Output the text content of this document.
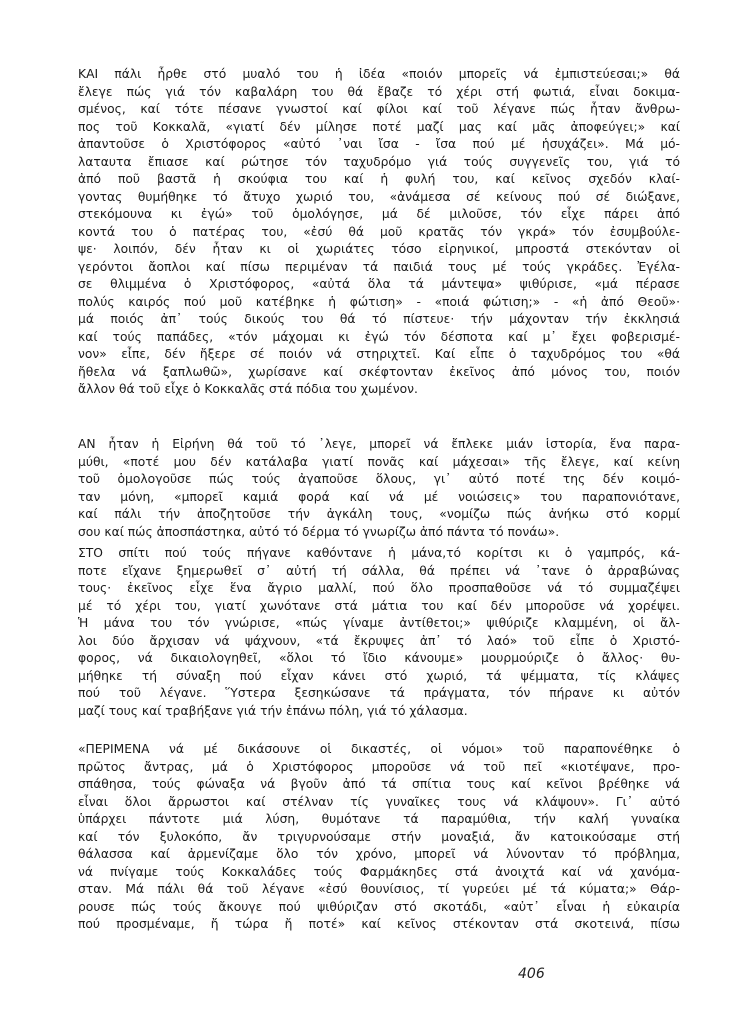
ΚΑΙ πάλι ἦρθε στό μυαλό του ἡ ἰδέα «ποιόν μπορεῖς νά ἐμπιστεύεσαι;» θά
ἔλεγε πώς γιά τόν καβαλάρη του θά ἔβαζε τό χέρι στή φωτιά, εἶναι δοκιμα-
σμένος, καί τότε πέσανε γνωστοί καί φίλοι καί τοῦ λέγανε πώς ἦταν ἄνθρω-
πος τοῦ Κοκκαλᾶ, «γιατί δέν μίλησε ποτέ μαζί μας καί μᾶς ἀποφεύγει;» καί
ἀπαντοῦσε ὁ Χριστόφορος «αὐτό ᾽ναι ἴσα - ἴσα πού μέ ἡσυχάζει». Μά μό-
λαταυτα ἔπιασε καί ρώτησε τόν ταχυδρόμο γιά τούς συγγενεῖς του, γιά τό
ἀπό ποῦ βαστᾶ ἡ σκούφια του καί ἡ φυλή του, καί κεῖνος σχεδόν κλαί-
γοντας θυμήθηκε τό ἄτυχο χωριό του, «ἀνάμεσα σέ κείνους πού σέ διώξανε,
στεκόμουνα κι ἐγώ» τοῦ ὁμολόγησε, μά δέ μιλοῦσε, τόν εἶχε πάρει ἀπό
κοντά του ὁ πατέρας του, «ἐσύ θά μοῦ κρατᾶς τόν γκρά» τόν ἐσυμβούλε-
ψε· λοιπόν, δέν ἦταν κι οἱ χωριάτες τόσο εἰρηνικοί, μπροστά στεκόνταν οἱ
γερόντοι ἄοπλοι καί πίσω περιμέναν τά παιδιά τους μέ τούς γκράδες. Ἐγέλα-
σε θλιμμένα ὁ Χριστόφορος, «αὐτά ὅλα τά μάντεψα» ψιθύρισε, «μά πέρασε
πολύς καιρός πού μοῦ κατέβηκε ἡ φώτιση» - «ποιά φώτιση;» - «ἡ ἀπό Θεοῦ»·
μά ποιός ἀπ᾽ τούς δικούς του θά τό πίστευε· τήν μάχονταν τήν ἐκκλησιά
καί τούς παπάδες, «τόν μάχομαι κι ἐγώ τόν δέσποτα καί μ᾽ ἔχει φοβερισμέ-
νον» εἶπε, δέν ἤξερε σέ ποιόν νά στηριχτεῖ. Καί εἶπε ὁ ταχυδρόμος του «θά
ἤθελα νά ξαπλωθῶ», χωρίσανε καί σκέφτονταν ἐκεῖνος ἀπό μόνος του, ποιόν
ἄλλον θά τοῦ εἶχε ὁ Κοκκαλᾶς στά πόδια του χωμένον.
ΑΝ ἦταν ἡ Εἰρήνη θά τοῦ τό ᾽λεγε, μπορεῖ νά ἔπλεκε μιάν ἱστορία, ἕνα παρα-
μύθι, «ποτέ μου δέν κατάλαβα γιατί πονᾶς καί μάχεσαι» τῆς ἔλεγε, καί κείνη
τοῦ ὁμολογοῦσε πώς τούς ἀγαποῦσε ὅλους, γι᾽ αὐτό ποτέ της δέν κοιμό-
ταν μόνη, «μπορεῖ καμιά φορά καί νά μέ νοιώσεις» του παραπονιότανε,
καί πάλι τήν ἀποζητοῦσε τήν ἀγκάλη τους, «νομίζω πώς ἀνήκω στό κορμί
σου καί πώς ἀποσπάστηκα, αὐτό τό δέρμα τό γνωρίζω ἀπό πάντα τό πονάω».
ΣΤΟ σπίτι πού τούς πήγανε καθόντανε ἡ μάνα,τό κορίτσι κι ὁ γαμπρός, κά-
ποτε εἴχανε ξημερωθεῖ σ᾽ αὐτή τή σάλλα, θά πρέπει νά ᾽τανε ὁ ἀρραβώνας
τους· ἐκεῖνος εἶχε ἕνα ἄγριο μαλλί, πού ὅλο προσπαθοῦσε νά τό συμμαζέψει
μέ τό χέρι του, γιατί χωνότανε στά μάτια του καί δέν μποροῦσε νά χορέψει.
Ἡ μάνα του τόν γνώρισε, «πώς γίναμε ἀντίθετοι;» ψιθύριζε κλαμμένη, οἱ ἄλ-
λοι δύο ἄρχισαν νά ψάχνουν, «τά ἔκρυψες ἀπ᾽ τό λαό» τοῦ εἶπε ὁ Χριστό-
φορος, νά δικαιολογηθεῖ, «ὅλοι τό ἴδιο κάνουμε» μουρμούριζε ὁ ἄλλος· θυ-
μήθηκε τή σύναξη πού εἶχαν κάνει στό χωριό, τά ψέμματα, τίς κλάψες
πού τοῦ λέγανε. Ὕστερα ξεσηκώσανε τά πράγματα, τόν πήρανε κι αὐτόν
μαζί τους καί τραβήξανε γιά τήν ἐπάνω πόλη, γιά τό χάλασμα.
«ΠΕΡΙΜΕΝΑ νά μέ δικάσουνε οἱ δικαστές, οἱ νόμοι» τοῦ παραπονέθηκε ὁ
πρῶτος ἄντρας, μά ὁ Χριστόφορος μποροῦσε νά τοῦ πεῖ «κιοτέψανε, προ-
σπάθησα, τούς φώναξα νά βγοῦν ἀπό τά σπίτια τους καί κεῖνοι βρέθηκε νά
εἶναι ὅλοι ἄρρωστοι καί στέλναν τίς γυναῖκες τους νά κλάψουν». Γι᾽ αὐτό
ὑπάρχει πάντοτε μιά λύση, θυμότανε τά παραμύθια, τήν καλή γυναίκα
καί τόν ξυλοκόπο, ἄν τριγυρνούσαμε στήν μοναξιά, ἄν κατοικούσαμε στή
θάλασσα καί ἀρμενίζαμε ὅλο τόν χρόνο, μπορεῖ νά λύνονταν τό πρόβλημα,
νά πνίγαμε τούς Κοκκαλάδες τούς Φαρμάκηδες στά ἀνοιχτά καί νά χανόμα-
σταν. Μά πάλι θά τοῦ λέγανε «ἐσύ θουνίσιος, τί γυρεύει μέ τά κύματα;» Θάρ-
ρουσε πώς τούς ἄκουγε πού ψιθύριζαν στό σκοτάδι, «αὐτ᾽ εἶναι ἡ εὐκαιρία
πού προσμέναμε, ἤ τώρα ἤ ποτέ» καί κεῖνος στέκονταν στά σκοτεινά, πίσω
406
